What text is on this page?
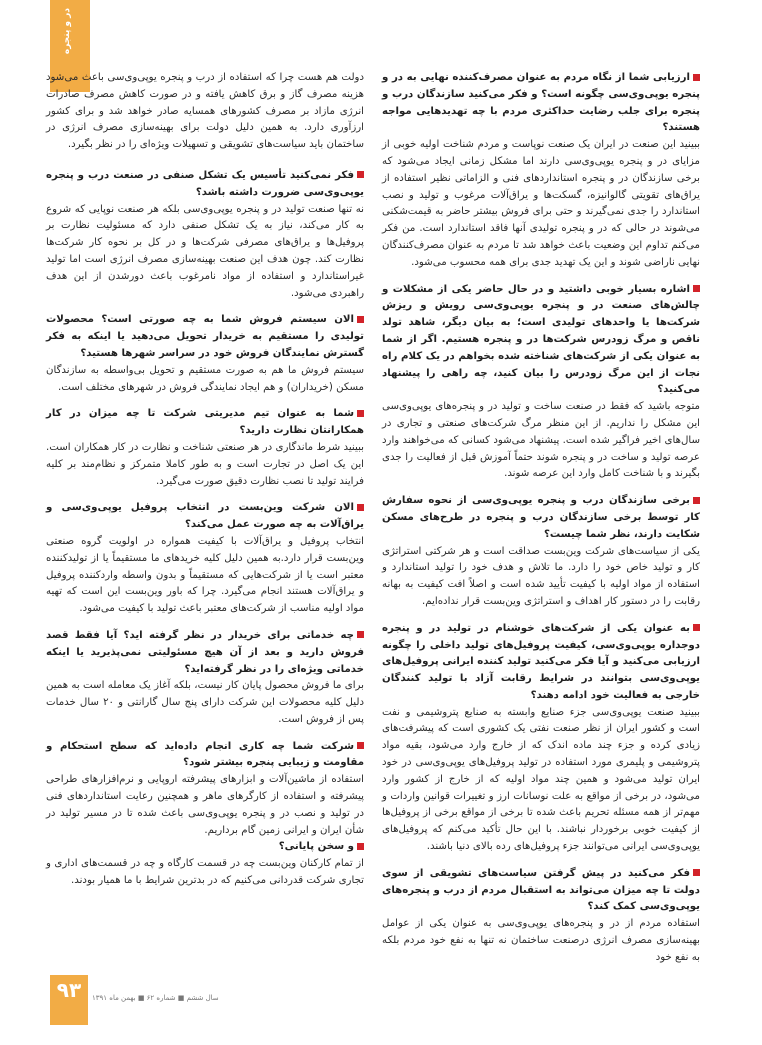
در و پنجره

ارزیابی شما از نگاه مردم به عنوان مصرف‌کننده نهایی به در و پنجره یوپی‌وی‌سی چگونه است؟ و فکر می‌کنید سازندگان درب و پنجره برای جلب رضایت حداکثری مردم با چه تهدیدهایی مواجه هستند؟

ببینید این صنعت در ایران یک صنعت نوپاست و مردم شناخت اولیه خوبی از مزایای در و پنجره یوپی‌وی‌سی دارند اما مشکل زمانی ایجاد می‌شود که برخی سازندگان در و پنجره استانداردهای فنی و الزاماتی نظیر استفاده از یراق‌های تقویتی گالوانیزه، گسکت‌ها و یراق‌آلات مرغوب و تولید و نصب استاندارد را جدی نمی‌گیرند و حتی برای فروش بیشتر حاضر به قیمت‌شکنی می‌شوند در حالی که در و پنجره تولیدی آنها فاقد استاندارد است. من فکر می‌کنم تداوم این وضعیت باعث خواهد شد تا مردم به عنوان مصرف‌کنندگان نهایی ناراضی شوند و این یک تهدید جدی برای همه محسوب می‌شود.

اشاره بسیار خوبی داشتید و در حال حاضر یکی از مشکلات و چالش‌های صنعت در و پنجره یوپی‌وی‌سی رویش و ریزش شرکت‌ها یا واحدهای تولیدی است؛ به بیان دیگر، شاهد تولد ناقص و مرگ زودرس شرکت‌ها در و پنجره هستیم. اگر از شما به عنوان یکی از شرکت‌های شناخته شده بخواهم در یک کلام راه نجات از این مرگ زودرس را بیان کنید، چه راهی را پیشنهاد می‌کنید؟

متوجه باشید که فقط در صنعت ساخت و تولید در و پنجره‌های یوپی‌وی‌سی این مشکل را نداریم. از این منظر مرگ شرکت‌های صنعتی و تجاری در سال‌های اخیر فراگیر شده است. پیشنهاد می‌شود کسانی که می‌خواهند وارد عرصه تولید و ساخت در و پنجره شوند حتماً آموزش قبل از فعالیت را جدی بگیرند و با شناخت کامل وارد این عرصه شوند.

برخی سازندگان درب و پنجره یوپی‌وی‌سی از نحوه سفارش کار توسط برخی سازندگان درب و پنجره در طرح‌های مسکن شکایت دارند، نظر شما چیست؟

یکی از سیاست‌های شرکت وین‌بست صداقت است و هر شرکتی استراتژی کار و تولید خاص خود را دارد. ما تلاش و هدف خود را تولید استاندارد و استفاده از مواد اولیه با کیفیت تأیید شده است و اصلاً افت کیفیت به بهانه رقابت را در دستور کار اهداف و استراتژی وین‌بست قرار نداده‌ایم.

به عنوان یکی از شرکت‌های خوشنام در تولید در و پنجره دوجداره یوپی‌وی‌سی، کیفیت پروفیل‌های تولید داخلی را چگونه ارزیابی می‌کنید و آیا فکر می‌کنید تولید کننده ایرانی پروفیل‌های یوپی‌وی‌سی بتوانند در شرایط رقابت آزاد با تولید کنندگان خارجی به فعالیت خود ادامه دهند؟

ببینید صنعت یوپی‌وی‌سی جزء صنایع وابسته به صنایع پتروشیمی و نفت است و کشور ایران از نظر صنعت نفتی یک کشوری است که پیشرفت‌های زیادی کرده و جزء چند ماده اندک که از خارج وارد می‌شود، بقیه مواد پتروشیمی و پلیمری مورد استفاده در تولید پروفیل‌های یوپی‌وی‌سی در خود ایران تولید می‌شود و همین چند مواد اولیه که از خارج از کشور وارد می‌شود، در برخی از مواقع به علت نوسانات ارز و تغییرات قوانین واردات و مهم‌تر از همه مسئله تحریم باعث شده تا برخی از مواقع برخی از پروفیل‌ها از کیفیت خوبی برخوردار نباشند. با این حال تأکید می‌کنم که پروفیل‌های یوپی‌وی‌سی ایرانی می‌توانند جزء پروفیل‌های رده بالای دنیا باشند.

فکر می‌کنید در پیش گرفتن سیاست‌های تشویقی از سوی دولت تا چه میزان می‌تواند به استقبال مردم از درب و پنجره‌های یوپی‌وی‌سی کمک کند؟

استفاده مردم از در و پنجره‌های یوپی‌وی‌سی به عنوان یکی از عوامل بهینه‌سازی مصرف انرژی درصنعت ساختمان نه تنها به نفع خود مردم بلکه به نفع خود

دولت هم هست چرا که استفاده از درب و پنجره یوپی‌وی‌سی باعث می‌شود هزینه مصرف گاز و برق کاهش یافته و در صورت کاهش مصرف صادرات انرژی مازاد بر مصرف کشورهای همسایه صادر خواهد شد و برای کشور ارزآوری دارد. به همین دلیل دولت برای بهینه‌سازی مصرف انرژی در ساختمان باید سیاست‌های تشویقی و تسهیلات ویژه‌ای را در نظر بگیرد.

فکر نمی‌کنید تأسیس یک تشکل صنفی در صنعت درب و پنجره یوپی‌وی‌سی ضرورت داشته باشد؟

نه تنها صنعت تولید در و پنجره یوپی‌وی‌سی بلکه هر صنعت نوپایی که شروع به کار می‌کند، نیاز به یک تشکل صنفی دارد که مسئولیت نظارت بر پروفیل‌ها و یراق‌های مصرفی شرکت‌ها و در کل بر نحوه کار شرکت‌ها نظارت کند. چون هدف این صنعت بهینه‌سازی مصرف انرژی است اما تولید غیراستاندارد و استفاده از مواد نامرغوب باعث دورشدن از این هدف راهبردی می‌شود.

الان سیستم فروش شما به چه صورتی است؟ محصولات تولیدی را مستقیم به خریدار تحویل می‌دهید یا اینکه به فکر گسترش نمایندگان فروش خود در سراسر شهرها هستید؟

سیستم فروش ما هم به صورت مستقیم و تحویل بی‌واسطه به سازندگان مسکن (خریداران) و هم ایجاد نمایندگی فروش در شهرهای مختلف است.

شما به عنوان تیم مدیریتی شرکت تا چه میزان در کار همکارانتان نظارت دارید؟

ببینید شرط ماندگاری در هر صنعتی شناخت و نظارت در کار همکاران است. این یک اصل در تجارت است و به طور کاملا متمرکز و نظام‌مند بر کلیه فرایند تولید تا نصب نظارت دقیق صورت می‌گیرد.

الان شرکت وین‌بست در انتخاب پروفیل یوپی‌وی‌سی و یراق‌آلات به چه صورت عمل می‌کند؟

انتخاب پروفیل و یراق‌آلات با کیفیت همواره در اولویت گروه صنعتی وین‌بست قرار دارد.به همین دلیل کلیه خریدهای ما مستقیماً یا از تولیدکننده معتبر است یا از شرکت‌هایی که مستقیماً و بدون واسطه واردکننده پروفیل و یراق‌آلات هستند انجام می‌گیرد. چرا که باور وین‌بست این است که تهیه مواد اولیه مناسب از شرکت‌های معتبر باعث تولید با کیفیت می‌شود.

چه خدماتی برای خریدار در نظر گرفته اید؟ آیا فقط قصد فروش دارید و بعد از آن هیچ مسئولیتی نمی‌پذیرید یا اینکه خدماتی ویژه‌ای را در نظر گرفته‌اید؟

برای ما فروش محصول پایان کار نیست، بلکه آغاز یک معامله است به همین دلیل کلیه محصولات این شرکت دارای پنج سال گارانتی و ۲۰ سال خدمات پس از فروش است.

شرکت شما چه کاری انجام داده‌اید که سطح استحکام و مقاومت و زیبایی پنجره بیشتر شود؟

استفاده از ماشین‌آلات و ابزارهای پیشرفته اروپایی و نرم‌افزارهای طراحی پیشرفته و استفاده از کارگرهای ماهر و همچنین رعایت استانداردهای فنی در تولید و نصب در و پنجره یوپی‌وی‌سی باعث شده تا در مسیر تولید در شأن ایران و ایرانی زمین گام برداریم.

و سخن پایانی؟

از تمام کارکنان وین‌بست چه در قسمت کارگاه و چه در قسمت‌های اداری و تجاری شرکت قدردانی می‌کنیم که در بدترین شرایط با ما همیار بودند.

۹۳	سال ششم ■ شماره ۶۲ ■ بهمن ماه ۱۳۹۱
